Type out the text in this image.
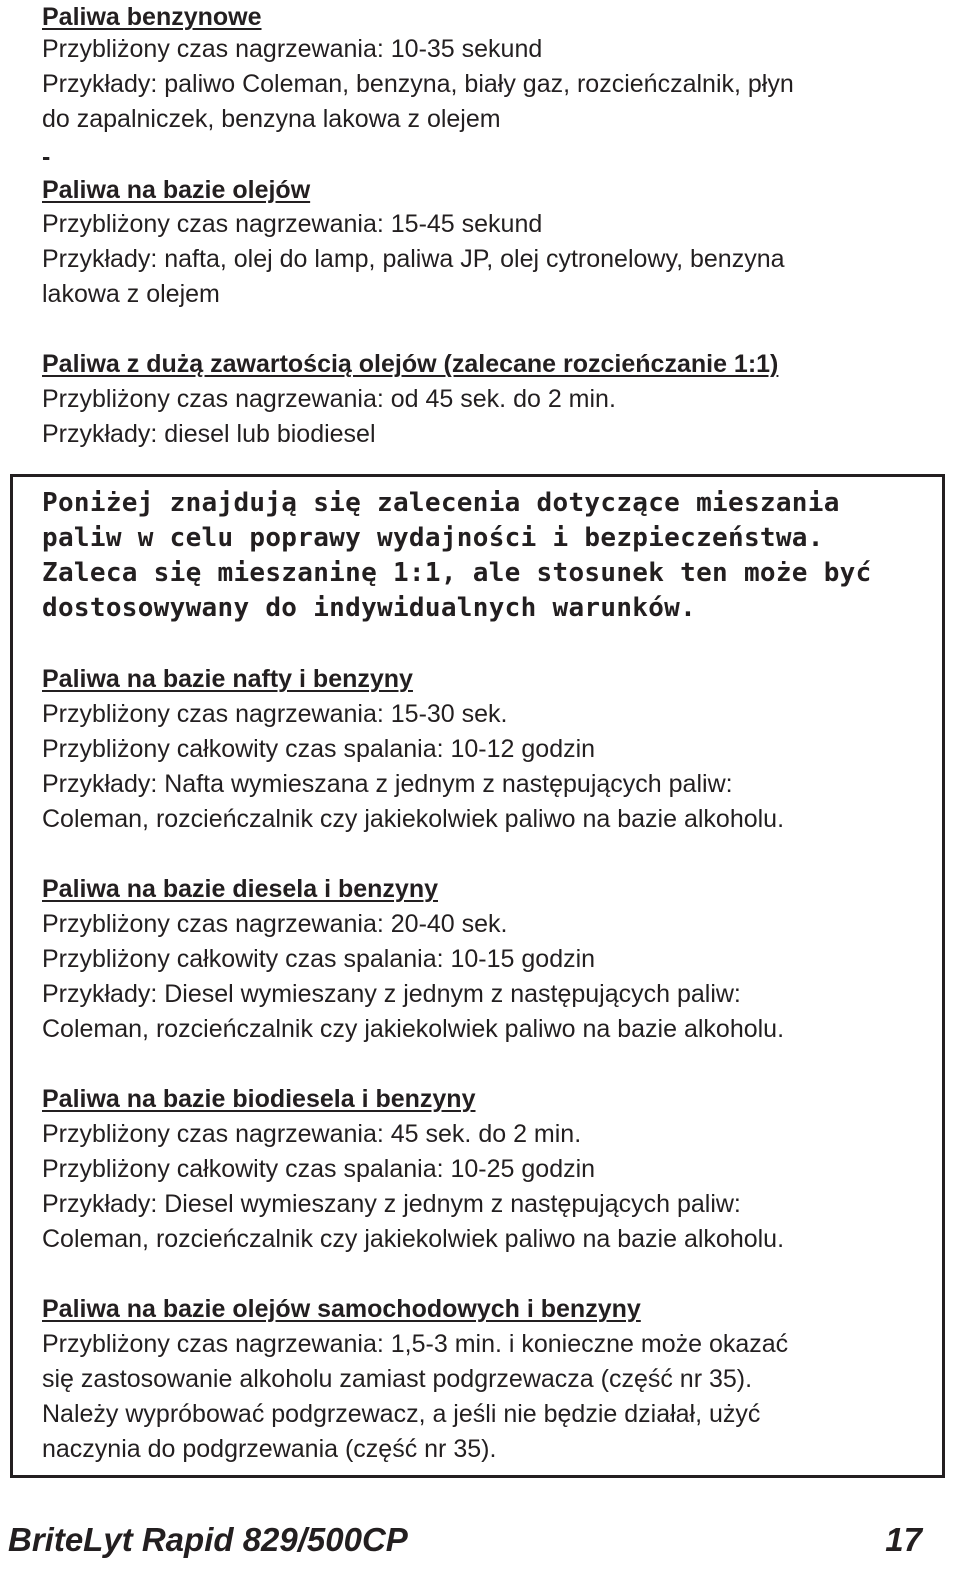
Paliwa benzynowe
Przybliżony czas nagrzewania: 10-35 sekund
Przykłady: paliwo Coleman, benzyna, biały gaz, rozcieńczalnik, płyn
do zapalniczek, benzyna lakowa z olejem
-
Paliwa na bazie olejów
Przybliżony czas nagrzewania: 15-45 sekund
Przykłady: nafta, olej do lamp, paliwa JP, olej cytronelowy, benzyna
lakowa z olejem
Paliwa z dużą zawartością olejów (zalecane rozcieńczanie 1:1)
Przybliżony czas nagrzewania: od 45 sek. do 2 min.
Przykłady: diesel lub biodiesel
Poniżej znajdują się zalecenia dotyczące mieszania
paliw w celu poprawy wydajności i bezpieczeństwa.
Zaleca się mieszaninę 1:1, ale stosunek ten może być
dostosowywany do indywidualnych warunków.
Paliwa na bazie nafty i benzyny
Przybliżony czas nagrzewania: 15-30 sek.
Przybliżony całkowity czas spalania: 10-12 godzin
Przykłady: Nafta wymieszana z jednym z następujących paliw:
Coleman, rozcieńczalnik czy jakiekolwiek paliwo na bazie alkoholu.
Paliwa na bazie diesela i benzyny
Przybliżony czas nagrzewania: 20-40 sek.
Przybliżony całkowity czas spalania: 10-15 godzin
Przykłady: Diesel wymieszany z jednym z następujących paliw:
Coleman, rozcieńczalnik czy jakiekolwiek paliwo na bazie alkoholu.
Paliwa na bazie biodiesela i benzyny
Przybliżony czas nagrzewania: 45 sek. do 2 min.
Przybliżony całkowity czas spalania: 10-25 godzin
Przykłady: Diesel wymieszany z jednym z następujących paliw:
Coleman, rozcieńczalnik czy jakiekolwiek paliwo na bazie alkoholu.
Paliwa na bazie olejów samochodowych i benzyny
Przybliżony czas nagrzewania: 1,5-3 min. i konieczne może okazać
się zastosowanie alkoholu zamiast podgrzewacza (część nr 35).
Należy wypróbować podgrzewacz, a jeśli nie będzie działał, użyć
naczynia do podgrzewania (część nr 35).
BriteLyt Rapid 829/500CP	17
